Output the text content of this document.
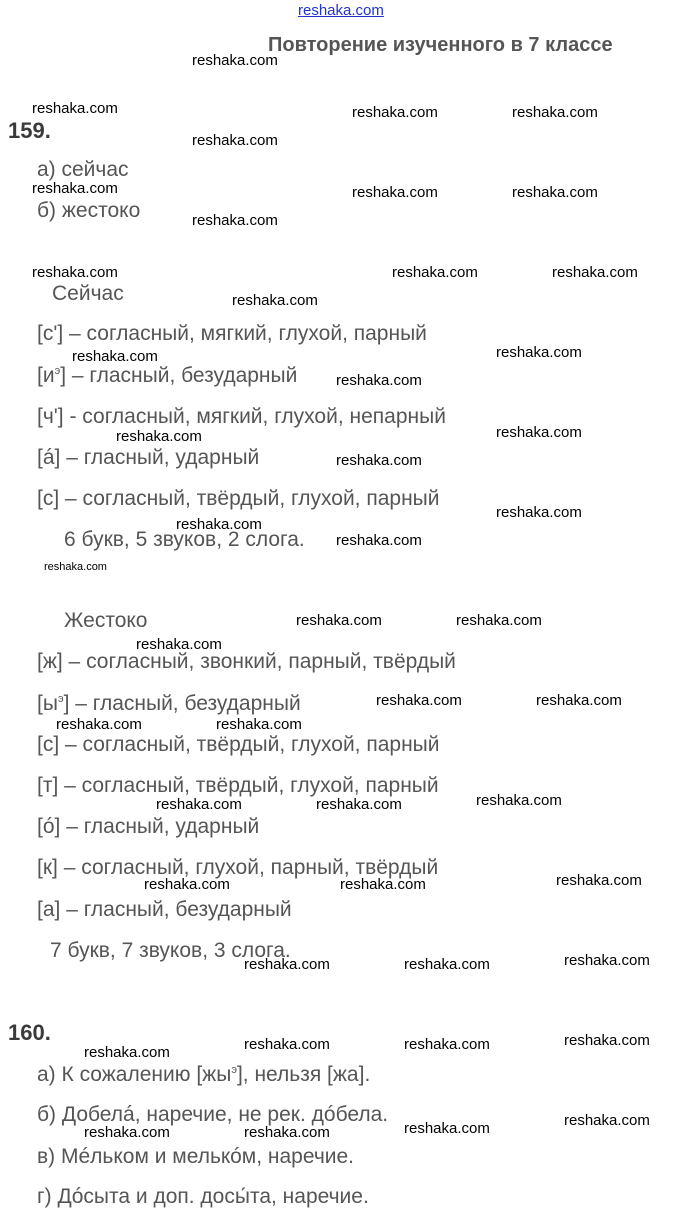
reshaka.com
Повторение изученного в 7 классе
159.
а) сейчас
б) жестоко
Сейчас
[с'] – согласный, мягкий, глухой, парный
$[и^э]$ – гласный, безударный
[ч'] - согласный, мягкий, глухой, непарный
[á] – гласный, ударный
[с] – согласный, твёрдый, глухой, парный
6 букв, 5 звуков, 2 слога.
Жестоко
[ж] – согласный, звонкий, парный, твёрдый
$[ы^э]$ – гласный, безударный
[с] – согласный, твёрдый, глухой, парный
[т] – согласный, твёрдый, глухой, парный
[ó] – гласный, ударный
[к] – согласный, глухой, парный, твёрдый
[а] – гласный, безударный
7 букв, 7 звуков, 3 слога.
160.
а) К сожалению $[жы^э]$, нельзя [жа].
б) Добелá, наречие, не рек. дóбела.
в) Мéльком и мелькóм, наречие.
г) Дóсыта и доп. досы́та, наречие.
reshaka.com
reshaka.com	reshaka.com	reshaka.com
reshaka.com
reshaka.com	reshaka.com	reshaka.com
reshaka.com
reshaka.com	reshaka.com	reshaka.com
reshaka.com
reshaka.com
reshaka.com
reshaka.com
reshaka.com
reshaka.com
reshaka.com
reshaka.com
reshaka.com
reshaka.com
reshaka.com
reshaka.com	reshaka.com
reshaka.com
reshaka.com	reshaka.com
reshaka.com	reshaka.com
reshaka.com
reshaka.com	reshaka.com
reshaka.com
reshaka.com	reshaka.com
reshaka.com
reshaka.com	reshaka.com
reshaka.com
reshaka.com	reshaka.com
reshaka.com
reshaka.com
reshaka.com
reshaka.com	reshaka.com
